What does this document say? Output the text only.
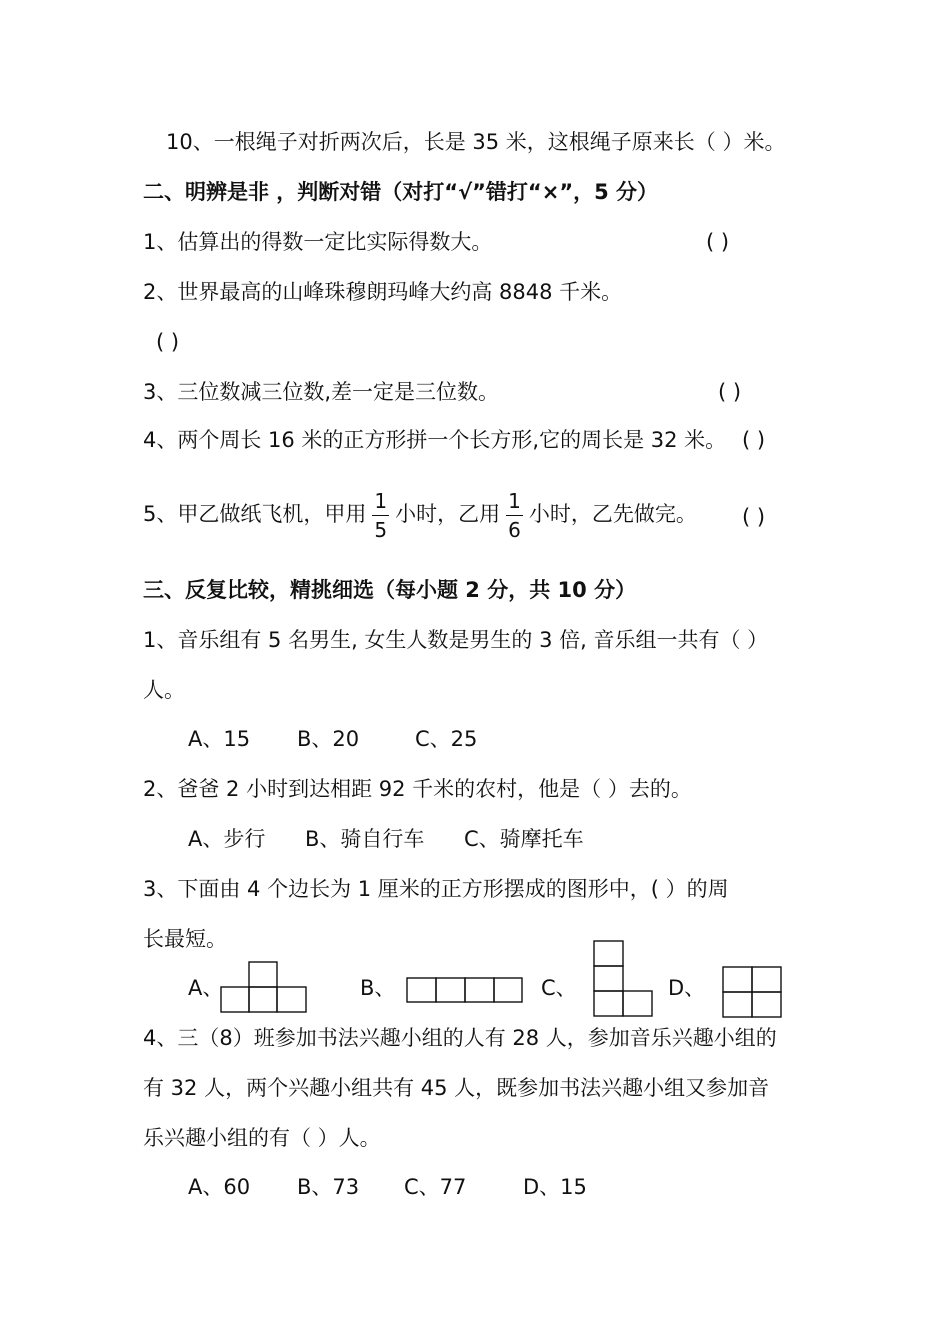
10、一根绳子对折两次后，长是 35 米，这根绳子原来长（ ）米。
二、明辨是非 ，判断对错（对打“√”错打“×”，5 分）
1、估算出的得数一定比实际得数大。	( )
2、世界最高的山峰珠穆朗玛峰大约高 8848 千米。
( )
3、三位数减三位数,差一定是三位数。	( )
4、两个周长 16 米的正方形拼一个长方形,它的周长是 32 米。 ( )
5、甲乙做纸飞机，甲用 $\frac{1}{5}$ 小时，乙用 $\frac{1}{6}$ 小时，乙先做完。 ( )
三、反复比较，精挑细选（每小题 2 分，共 10 分）
1、音乐组有 5 名男生, 女生人数是男生的 3 倍, 音乐组一共有（ ）
人。
A、15 B、20	C、25
2、爸爸 2 小时到达相距 92 千米的农村，他是（ ）去的。
A、步行 B、骑自行车 C、骑摩托车
3、下面由 4 个边长为 1 厘米的正方形摆成的图形中，( ）的周
长最短。
A、	B、	C、	D、
4、三（8）班参加书法兴趣小组的人有 28 人，参加音乐兴趣小组的
有 32 人，两个兴趣小组共有 45 人，既参加书法兴趣小组又参加音
乐兴趣小组的有（ ）人。
A、60 B、73 C、77	D、15
